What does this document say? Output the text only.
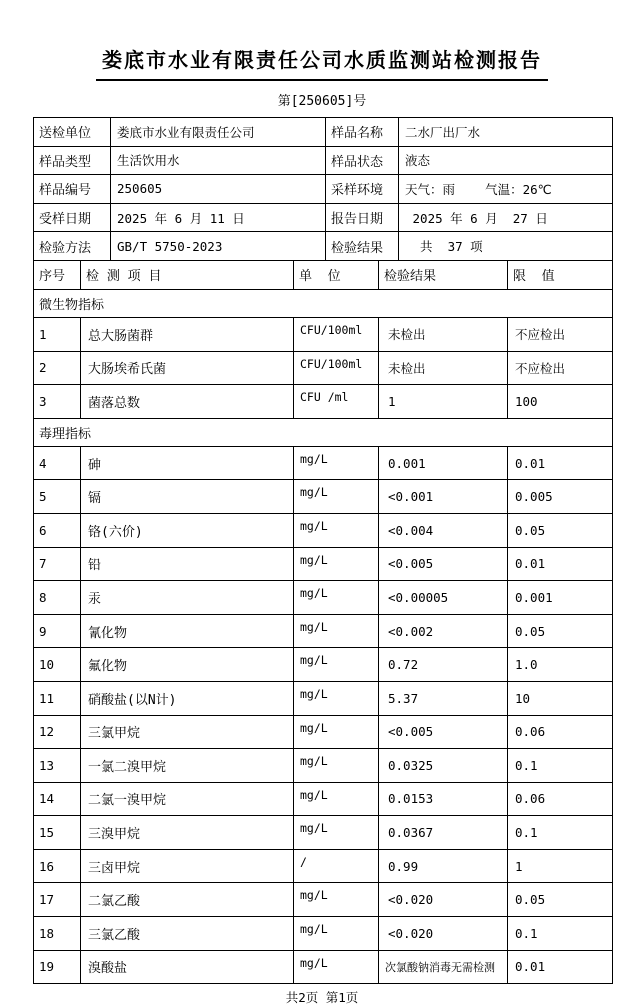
娄底市水业有限责任公司水质监测站检测报告
第[250605]号
送检单位	娄底市水业有限责任公司	样品名称	二水厂出厂水
样品类型	生活饮用水	样品状态	液态
样品编号	250605	采样环境	天气：雨    气温：26℃
受样日期	2025 年 6 月 11 日	报告日期	2025 年 6 月  27 日
检验方法	GB/T 5750-2023	检验结果	共  37 项
序号	检 测 项 目	单  位	检验结果	限  值
微生物指标				
1	总大肠菌群	CFU/100ml	未检出	不应检出
2	大肠埃希氏菌	CFU/100ml	未检出	不应检出
3	菌落总数	CFU /ml	1	100
毒理指标				
4	砷	mg/L	0.001	0.01
5	镉	mg/L	<0.001	0.005
6	铬(六价)	mg/L	<0.004	0.05
7	铅	mg/L	<0.005	0.01
8	汞	mg/L	<0.00005	0.001
9	氰化物	mg/L	<0.002	0.05
10	氟化物	mg/L	0.72	1.0
11	硝酸盐(以N计)	mg/L	5.37	10
12	三氯甲烷	mg/L	<0.005	0.06
13	一氯二溴甲烷	mg/L	0.0325	0.1
14	二氯一溴甲烷	mg/L	0.0153	0.06
15	三溴甲烷	mg/L	0.0367	0.1
16	三卤甲烷	/	0.99	1
17	二氯乙酸	mg/L	<0.020	0.05
18	三氯乙酸	mg/L	<0.020	0.1
19	溴酸盐	mg/L	次氯酸钠消毒无需检测	0.01
共2页 第1页
